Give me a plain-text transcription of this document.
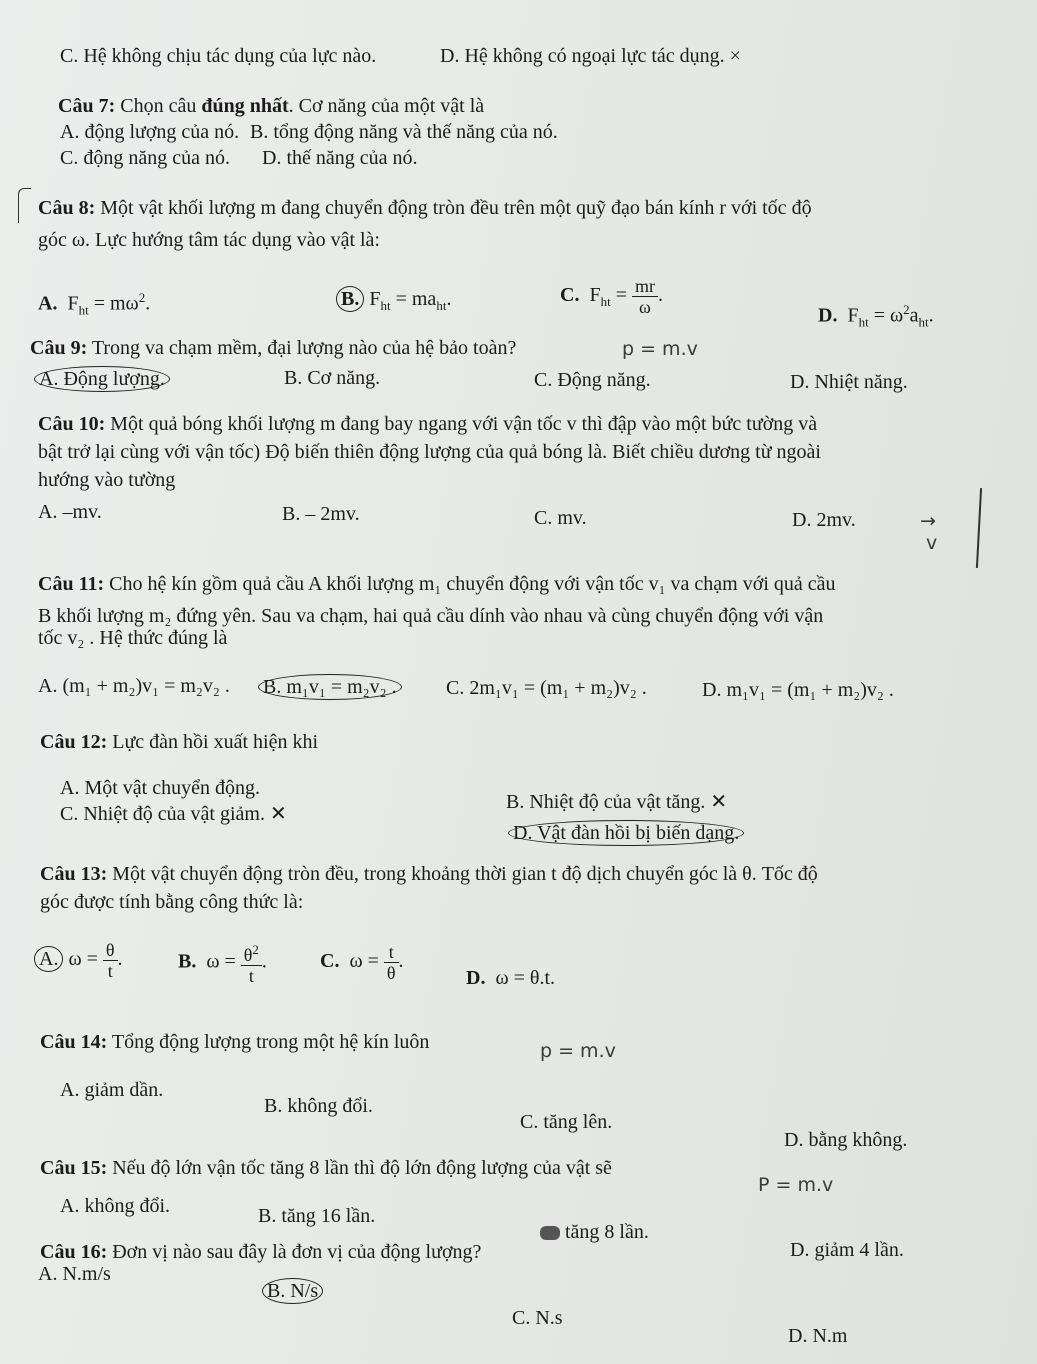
C. Hệ không chịu tác dụng của lực nào.	D. Hệ không có ngoại lực tác dụng. ×
Câu 7: Chọn câu đúng nhất. Cơ năng của một vật là
A. động lượng của nó. B. tổng động năng và thế năng của nó.
C. động năng của nó. D. thế năng của nó.
Câu 8: Một vật khối lượng m đang chuyển động tròn đều trên một quỹ đạo bán kính r với tốc độ
góc ω. Lực hướng tâm tác dụng vào vật là:
A.  $F_{ht} = m\omega^2$.	B. $F_{ht} = ma_{ht}$.	C.  $F_{ht} = \frac{mr}{\omega}$ .
D.  $F_{ht} = \omega^2a_{ht}$.
Câu 9: Trong va chạm mềm, đại lượng nào của hệ bảo toàn?	p = m.v
A. Động lượng.	B. Cơ năng.	C. Động năng.	D. Nhiệt năng.
Câu 10: Một quả bóng khối lượng m đang bay ngang với vận tốc v thì đập vào một bức tường và
bật trở lại cùng với vận tốc) Độ biến thiên động lượng của quả bóng là. Biết chiều dương từ ngoài
hướng vào tường
A. –mv.	B. – 2mv.	C. mv.	D. 2mv.	→
v
Câu 11: Cho hệ kín gồm quả cầu A khối lượng m₁ chuyển động với vận tốc v₁ va chạm với quả cầu
B khối lượng m₂ đứng yên. Sau va chạm, hai quả cầu dính vào nhau và cùng chuyển động với vận
tốc v₂ . Hệ thức đúng là
A. (m₁ + m₂)v₁ = m₂v₂ . B. m₁v₁ = m₂v₂ . C. 2m₁v₁ = (m₁ + m₂)v₂ .	D. m₁v₁ = (m₁ + m₂)v₂ .
Câu 12: Lực đàn hồi xuất hiện khi
A. Một vật chuyển động.
B. Nhiệt độ của vật tăng. ✕
C. Nhiệt độ của vật giảm. ✕
D. Vật đàn hồi bị biến dạng.
Câu 13: Một vật chuyển động tròn đều, trong khoảng thời gian t độ dịch chuyển góc là θ. Tốc độ
góc được tính bằng công thức là:
A. $\omega = \frac{\theta}{t}$ .	B.  $\omega = \frac{\theta^2}{t}$ .	C.  $\omega = \frac{t}{\theta}$ .
D. ω = θ.t.
Câu 14: Tổng động lượng trong một hệ kín luôn	p = m.v
A. giảm dần.
B. không đổi.
C. tăng lên.
D. bằng không.
Câu 15: Nếu độ lớn vận tốc tăng 8 lần thì độ lớn động lượng của vật sẽ
P = m.v
A. không đổi.	B. tăng 16 lần.
tăng 8 lần.
D. giảm 4 lần.
Câu 16: Đơn vị nào sau đây là đơn vị của động lượng?
A. N.m/s
B. N/s
C. N.s
D. N.m
